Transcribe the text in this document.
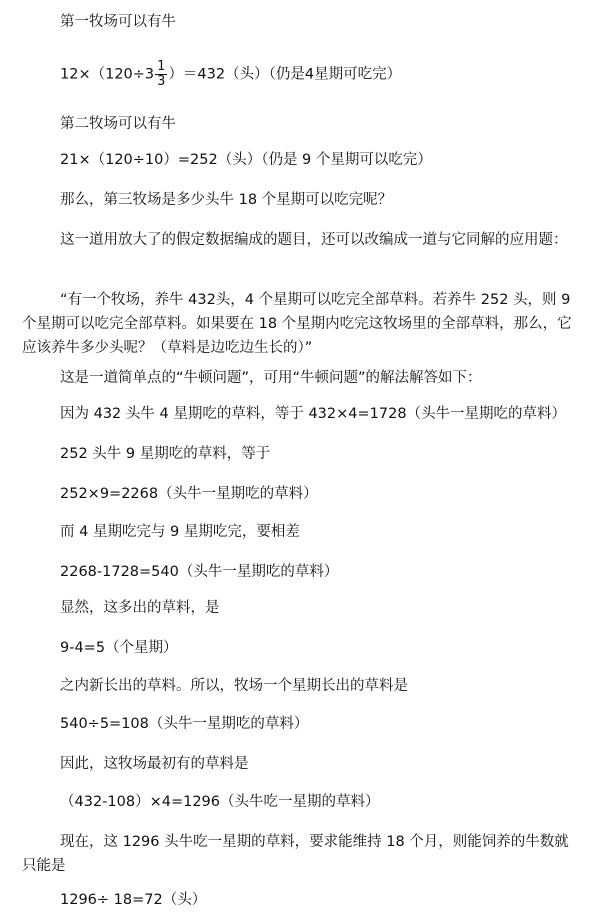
第一牧场可以有牛
$12\times(120\div 3 \frac{1}{3} )=432$（头）（仍是4星期可吃完）
第二牧场可以有牛
21×（120÷10）=252（头）（仍是 9 个星期可以吃完）
那么，第三牧场是多少头牛 18 个星期可以吃完呢？
这一道用放大了的假定数据编成的题目，还可以改编成一道与它同解的应用题：
“有一个牧场，养牛 432头，4 个星期可以吃完全部草料。若养牛 252 头，则 9 个星期可以吃完全部草料。如果要在 18 个星期内吃完这牧场里的全部草料，那么，它应该养牛多少头呢？（草料是边吃边生长的）”
这是一道简单点的“牛顿问题”，可用“牛顿问题”的解法解答如下：
因为 432 头牛 4 星期吃的草料，等于 432×4=1728（头牛一星期吃的草料）
252 头牛 9 星期吃的草料，等于
252×9=2268（头牛一星期吃的草料）
而 4 星期吃完与 9 星期吃完，要相差
2268-1728=540（头牛一星期吃的草料）
显然，这多出的草料，是
9-4=5（个星期）
之内新长出的草料。所以，牧场一个星期长出的草料是
540÷5=108（头牛一星期吃的草料）
因此，这牧场最初有的草料是
（432-108）×4=1296（头牛吃一星期的草料）
现在，这 1296 头牛吃一星期的草料，要求能维持 18 个月，则能饲养的牛数就只能是
1296÷ 18=72（头）
